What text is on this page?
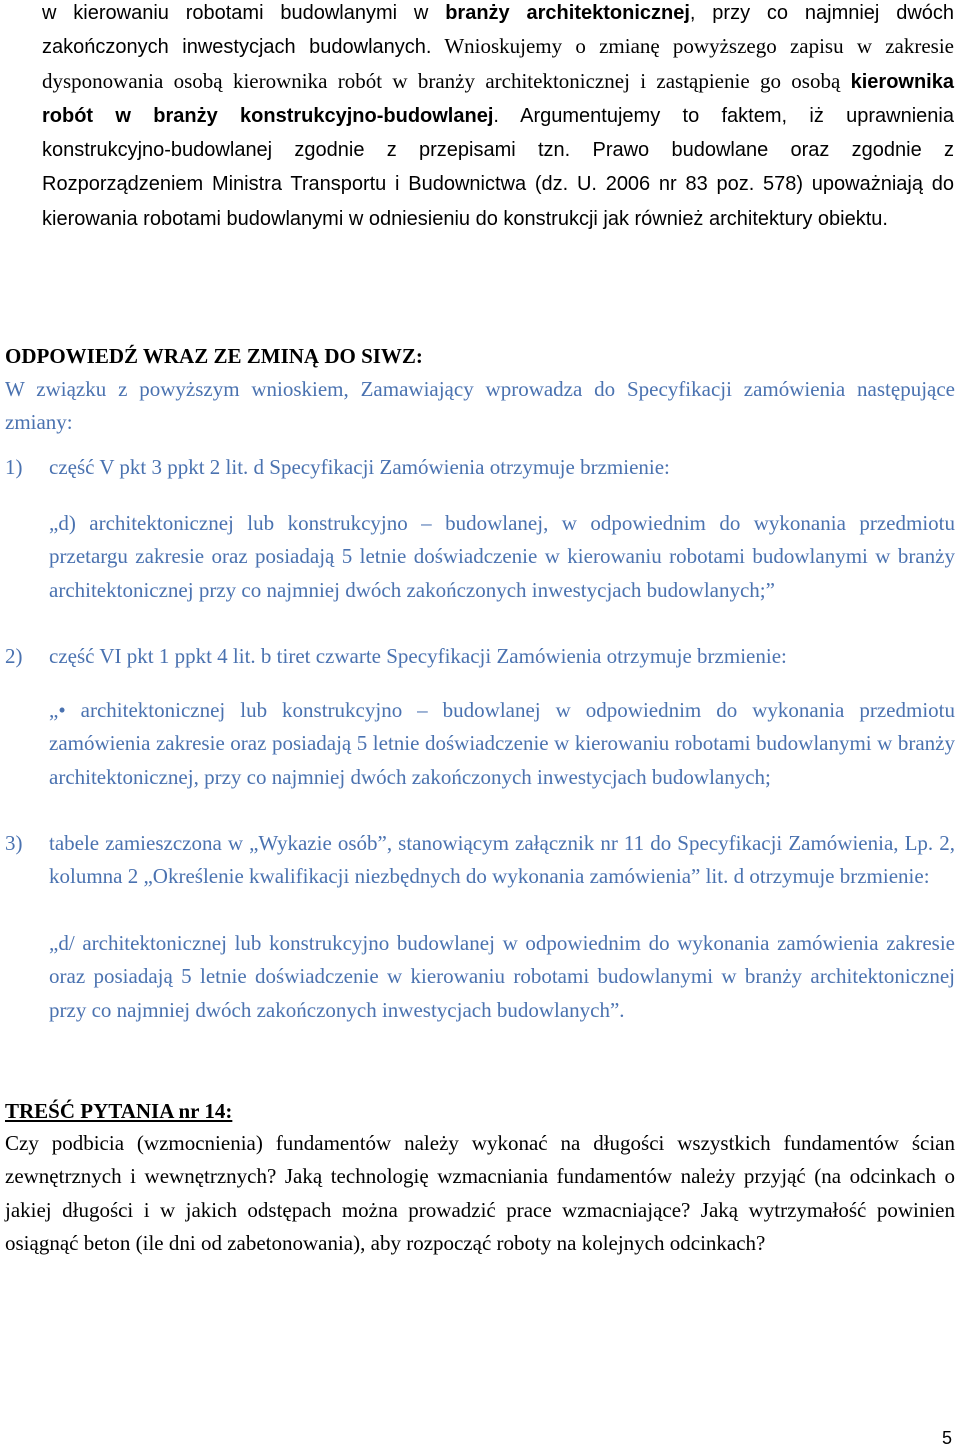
w kierowaniu robotami budowlanymi w branży architektonicznej, przy co najmniej dwóch zakończonych inwestycjach budowlanych. Wnioskujemy o zmianę powyższego zapisu w zakresie dysponowania osobą kierownika robót w branży architektonicznej i zastąpienie go osobą kierownika robót w branży konstrukcyjno-budowlanej. Argumentujemy to faktem, iż uprawnienia konstrukcyjno-budowlanej zgodnie z przepisami tzn. Prawo budowlane oraz zgodnie z Rozporządzeniem Ministra Transportu i Budownictwa (dz. U. 2006 nr 83 poz. 578) upoważniają do kierowania robotami budowlanymi w odniesieniu do konstrukcji jak również architektury obiektu.

ODPOWIEDŹ WRAZ ZE ZMINĄ DO SIWZ:

W związku z powyższym wnioskiem, Zamawiający wprowadza do Specyfikacji zamówienia następujące zmiany:

1) część V pkt 3 ppkt 2 lit. d Specyfikacji Zamówienia otrzymuje brzmienie:

„d) architektonicznej lub konstrukcyjno – budowlanej, w odpowiednim do wykonania przedmiotu przetargu zakresie oraz posiadają 5 letnie doświadczenie w kierowaniu robotami budowlanymi w branży architektonicznej przy co najmniej dwóch zakończonych inwestycjach budowlanych;”

2) część VI pkt 1 ppkt 4 lit. b tiret czwarte Specyfikacji Zamówienia otrzymuje brzmienie:

„• architektonicznej lub konstrukcyjno – budowlanej w odpowiednim do wykonania przedmiotu zamówienia zakresie oraz posiadają 5 letnie doświadczenie w kierowaniu robotami budowlanymi w branży architektonicznej, przy co najmniej dwóch zakończonych inwestycjach budowlanych;

3) tabele zamieszczona w „Wykazie osób”, stanowiącym załącznik nr 11 do Specyfikacji Zamówienia, Lp. 2, kolumna 2 „Określenie kwalifikacji niezbędnych do wykonania zamówienia” lit. d otrzymuje brzmienie:

„d/ architektonicznej lub konstrukcyjno budowlanej w odpowiednim do wykonania zamówienia zakresie oraz posiadają 5 letnie doświadczenie w kierowaniu robotami budowlanymi w branży architektonicznej przy co najmniej dwóch zakończonych inwestycjach budowlanych”.

TREŚĆ PYTANIA nr 14:

Czy podbicia (wzmocnienia) fundamentów należy wykonać na długości wszystkich fundamentów ścian zewnętrznych i wewnętrznych? Jaką technologię wzmacniania fundamentów należy przyjąć (na odcinkach o jakiej długości i w jakich odstępach można prowadzić prace wzmacniające? Jaką wytrzymałość powinien osiągnąć beton (ile dni od zabetonowania), aby rozpocząć roboty na kolejnych odcinkach?

5
